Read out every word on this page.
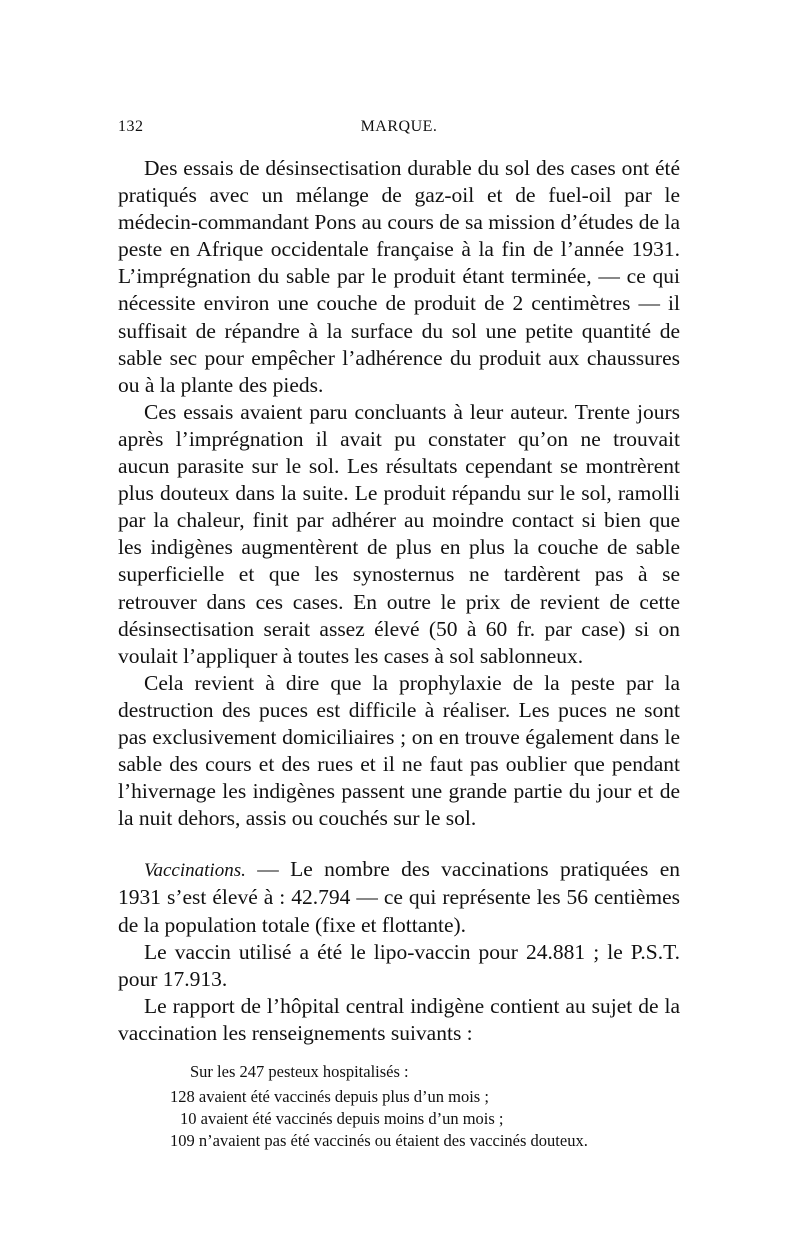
132	MARQUE.

Des essais de désinsectisation durable du sol des cases ont été pratiqués avec un mélange de gaz-oil et de fuel-oil par le médecin-commandant Pons au cours de sa mission d’études de la peste en Afrique occidentale française à la fin de l’année 1931. L’imprégnation du sable par le produit étant terminée, — ce qui nécessite environ une couche de produit de 2 centimètres — il suffisait de répandre à la surface du sol une petite quantité de sable sec pour empêcher l’adhérence du produit aux chaussures ou à la plante des pieds.

Ces essais avaient paru concluants à leur auteur. Trente jours après l’imprégnation il avait pu constater qu’on ne trouvait aucun parasite sur le sol. Les résultats cependant se montrèrent plus douteux dans la suite. Le produit répandu sur le sol, ramolli par la chaleur, finit par adhérer au moindre contact si bien que les indigènes augmentèrent de plus en plus la couche de sable superficielle et que les synosternus ne tardèrent pas à se retrouver dans ces cases. En outre le prix de revient de cette désinsectisation serait assez élevé (50 à 60 fr. par case) si on voulait l’appliquer à toutes les cases à sol sablonneux.

Cela revient à dire que la prophylaxie de la peste par la destruction des puces est difficile à réaliser. Les puces ne sont pas exclusivement domiciliaires ; on en trouve également dans le sable des cours et des rues et il ne faut pas oublier que pendant l’hivernage les indigènes passent une grande partie du jour et de la nuit dehors, assis ou couchés sur le sol.

Vaccinations. — Le nombre des vaccinations pratiquées en 1931 s’est élevé à : 42.794 — ce qui représente les 56 centièmes de la population totale (fixe et flottante).

Le vaccin utilisé a été le lipo-vaccin pour 24.881 ; le P.S.T. pour 17.913.

Le rapport de l’hôpital central indigène contient au sujet de la vaccination les renseignements suivants :

Sur les 247 pesteux hospitalisés :
128 avaient été vaccinés depuis plus d’un mois ;
10 avaient été vaccinés depuis moins d’un mois ;
109 n’avaient pas été vaccinés ou étaient des vaccinés douteux.
